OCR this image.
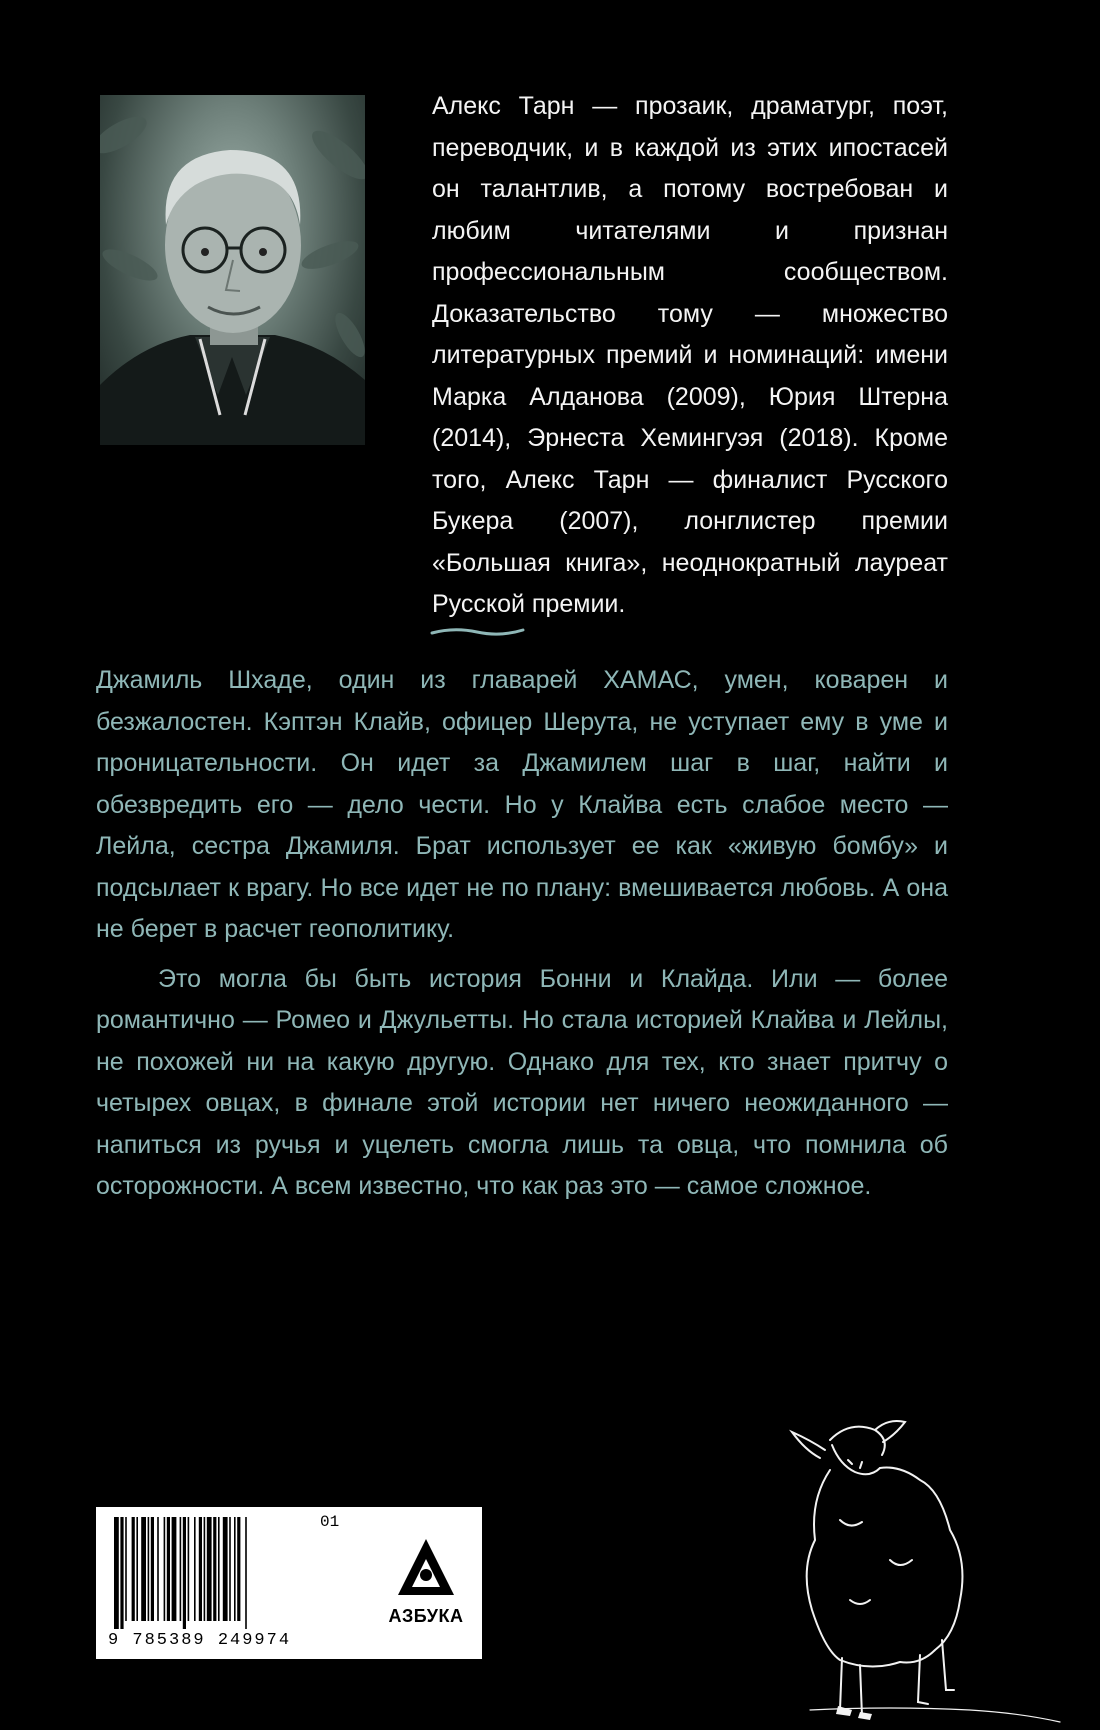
Алекс Тарн — прозаик, драматург, поэт, переводчик, и в каждой из этих ипостасей он талантлив, а потому востребован и любим читателями и признан профессиональным сообществом. Доказательство тому — множество литературных премий и номинаций: имени Марка Алданова (2009), Юрия Штерна (2014), Эрнеста Хемингуэя (2018). Кроме того, Алекс Тарн — финалист Русского Букера (2007), лонглистер премии «Большая книга», неоднократный лауреат Русской премии.

Джамиль Шхаде, один из главарей ХАМАС, умен, коварен и безжалостен. Кэптэн Клайв, офицер Шерута, не уступает ему в уме и проницательности. Он идет за Джамилем шаг в шаг, найти и обезвредить его — дело чести. Но у Клайва есть слабое место — Лейла, сестра Джамиля. Брат использует ее как «живую бомбу» и подсылает к врагу. Но все идет не по плану: вмешивается любовь. А она не берет в расчет геополитику.

Это могла бы быть история Бонни и Клайда. Или — более романтично — Ромео и Джульетты. Но стала историей Клайва и Лейлы, не похожей ни на какую другую. Однако для тех, кто знает притчу о четырех овцах, в финале этой истории нет ничего неожиданного — напиться из ручья и уцелеть смогла лишь та овца, что помнила об осторожности. А всем известно, что как раз это — самое сложное.

01
9 785389 249974
АЗБУКА
